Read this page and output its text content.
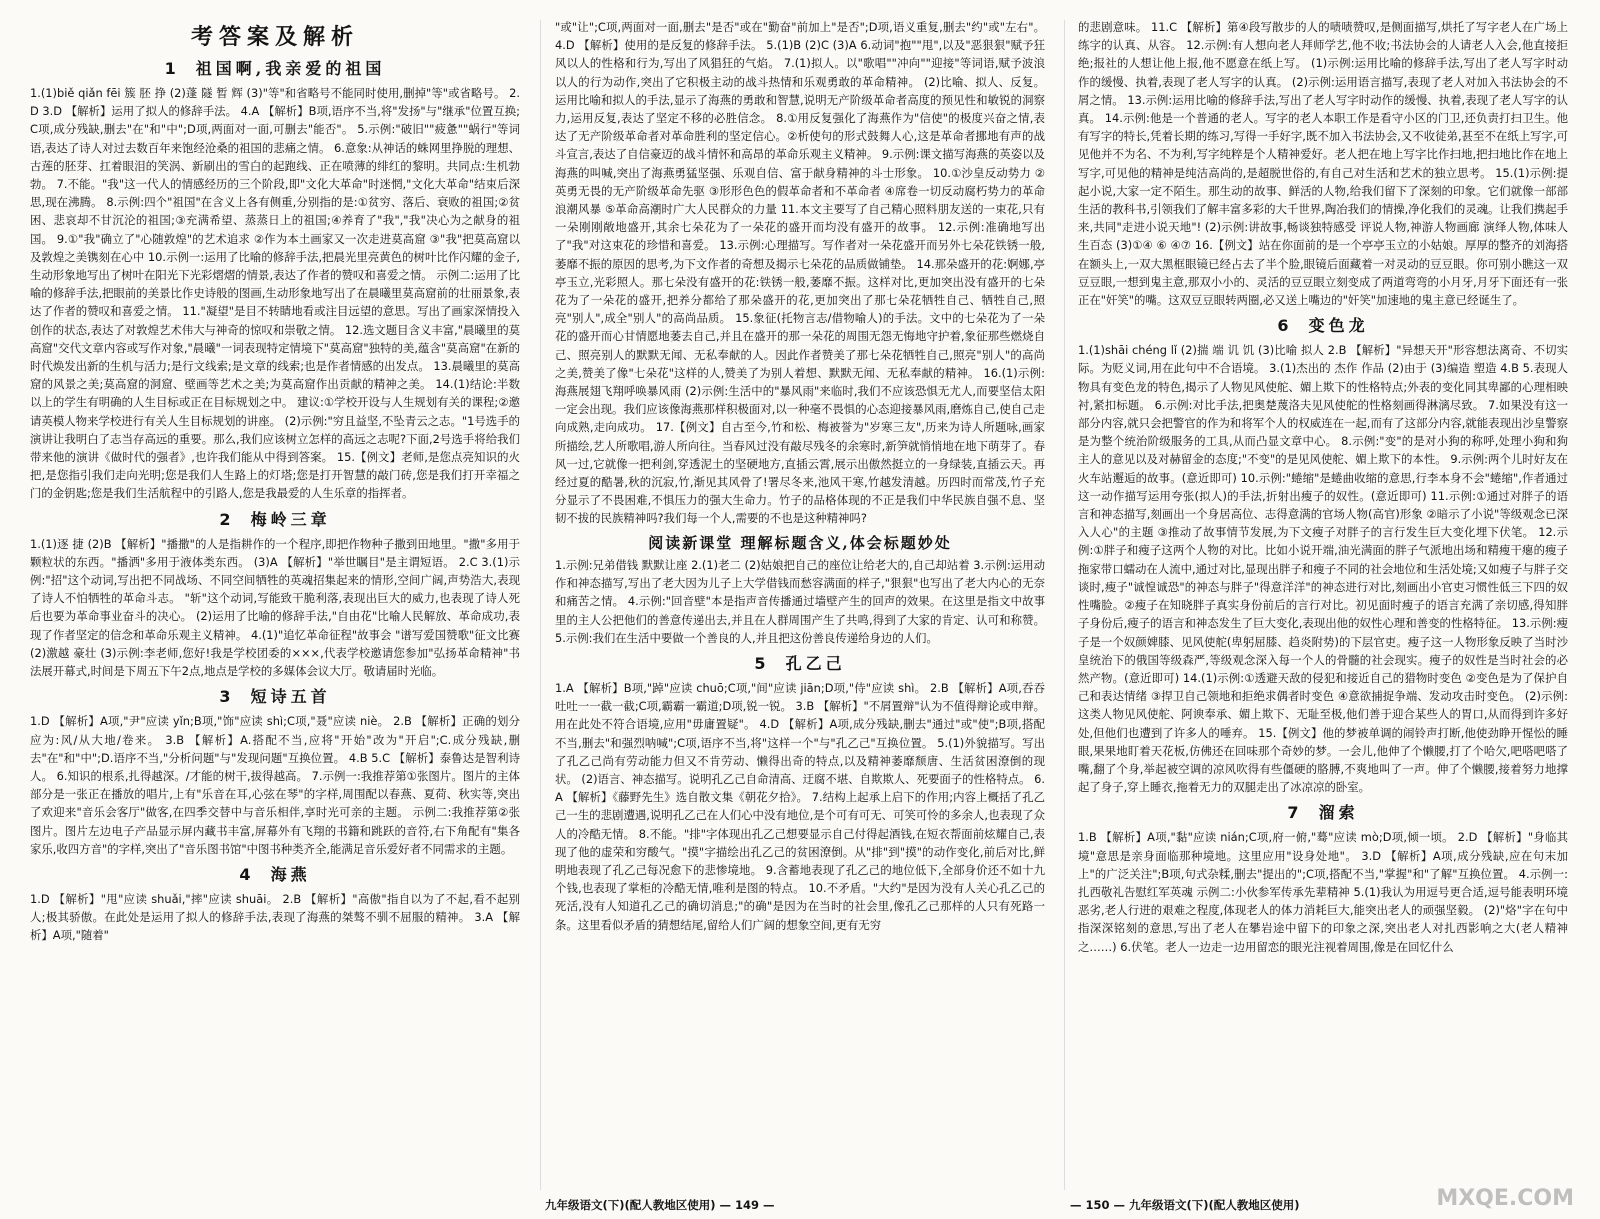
考答案及解析
1 祖国啊,我亲爱的祖国

1.(1)biě qiǎn fēi 簇 胚 挣 (2)蓬 隧 暂 辉 (3)"等"和省略号不能同时使用,删掉"等"或省略号。 2.D 3.D 【解析】运用了拟人的修辞手法。 4.A 【解析】B项,语序不当,将"发扬"与"继承"位置互换;C项,成分残缺,删去"在"和"中";D项,两面对一面,可删去"能否"。 5.示例:"破旧""疲惫""蜗行"等词语,表达了诗人对过去数百年来饱经沧桑的祖国的悲痛之情。 6.意象:从神话的蛛网里挣脱的理想、古莲的胚芽、扛着眼泪的笑涡、新刷出的雪白的起跑线、正在喷薄的绯红的黎明。共同点:生机勃勃。 7.不能。"我"这一代人的情感经历的三个阶段,即"文化大革命"时迷惘,"文化大革命"结束后深思,现在沸腾。 8.示例:四个"祖国"在含义上各有侧重,分别指的是:①贫穷、落后、衰败的祖国;②贫困、悲哀却不甘沉沦的祖国;③充满希望、蒸蒸日上的祖国;④养育了"我","我"决心为之献身的祖国。 9.①"我"确立了"心随敦煌"的艺术追求 ②作为本土画家又一次走进莫高窟 ③"我"把莫高窟以及敦煌之美镌刻在心中 10.示例一:运用了比喻的修辞手法,把晨光里亮黄色的树叶比作闪耀的金子,生动形象地写出了树叶在阳光下光彩熠熠的情景,表达了作者的赞叹和喜爱之情。 示例二:运用了比喻的修辞手法,把眼前的美景比作史诗般的图画,生动形象地写出了在晨曦里莫高窟前的壮丽景象,表达了作者的赞叹和喜爱之情。 11."凝望"是目不转睛地看或注目远望的意思。写出了画家深情投入创作的状态,表达了对敦煌艺术伟大与神奇的惊叹和崇敬之情。 12.选文题目含义丰富,"晨曦里的莫高窟"交代文章内容或写作对象,"晨曦"一词表现特定情境下"莫高窟"独特的美,蕴含"莫高窟"在新的时代焕发出新的生机与活力;是行文线索;是文章的线索;也是作者情感的出发点。 13.晨曦里的莫高窟的风景之美;莫高窟的洞窟、壁画等艺术之美;为莫高窟作出贡献的精神之美。 14.(1)结论:半数以上的学生有明确的人生目标或正在目标规划之中。 建议:①学校开设与人生规划有关的课程;②邀请英模人物来学校进行有关人生目标规划的讲座。 (2)示例:"穷且益坚,不坠青云之志。"1号选手的演讲让我明白了志当存高远的重要。那么,我们应该树立怎样的高远之志呢?下面,2号选手将给我们带来他的演讲《做时代的强者》,也许我们能从中得到答案。 15.【例文】老师,是您点亮知识的火把,是您指引我们走向光明;您是我们人生路上的灯塔;您是打开智慧的敲门砖,您是我们打开幸福之门的金钥匙;您是我们生活航程中的引路人,您是我最爱的人生乐章的指挥者。

2 梅岭三章

1.(1)逐 捷 (2)B 【解析】"播撒"的人是指耕作的一个程序,即把作物种子撒到田地里。"撒"多用于颗粒状的东西。"播洒"多用于液体类东西。 (3)A 【解析】"举世瞩目"是主谓短语。 2.C 3.(1)示例:"招"这个动词,写出把不同战场、不同空间牺牲的英魂招集起来的情形,空间广阔,声势浩大,表现了诗人不怕牺牲的革命斗志。 "斩"这个动词,写能致干脆利落,表现出巨大的威力,也表现了诗人死后也要为革命事业奋斗的决心。 (2)运用了比喻的修辞手法,"自由花"比喻人民解放、革命成功,表现了作者坚定的信念和革命乐观主义精神。 4.(1)"追忆革命征程"故事会 "谱写爱国赞歌"征文比赛 (2)激越 豪壮 (3)示例:李老师,您好!我是学校团委的×××,代表学校邀请您参加"弘扬革命精神"书法展开幕式,时间是下周五下午2点,地点是学校的多媒体会议大厅。敬请届时光临。

3 短诗五首

1.D 【解析】A项,"尹"应读 yǐn;B项,"饰"应读 shì;C项,"聂"应读 niè。 2.B 【解析】正确的划分应为:风/从大地/卷来。 3.B 【解析】A.搭配不当,应将"开始"改为"开启";C.成分残缺,删去"在"和"中";D.语序不当,"分析问题"与"发现问题"互换位置。 4.B 5.C 【解析】泰鲁达是智利诗人。 6.知识的根系,扎得越深。/才能的树干,拔得越高。 7.示例一:我推荐第①张图片。图片的主体部分是一张正在播放的唱片,上有"乐音在耳,心弦在琴"的字样,周围配以春燕、夏荷、秋实等,突出了欢迎来"音乐会客厅"做客,在四季交替中与音乐相伴,享时光可亲的主题。 示例二:我推荐第②张图片。图片左边电子产品显示屏内藏书丰富,屏幕外有飞翔的书籍和跳跃的音符,右下角配有"集各家乐,收四方音"的字样,突出了"音乐图书馆"中图书种类齐全,能满足音乐爱好者不同需求的主题。

4 海燕

1.D 【解析】"甩"应读 shuǎi,"摔"应读 shuāi。 2.B 【解析】"高傲"指自以为了不起,看不起别人;极其骄傲。在此处是运用了拟人的修辞手法,表现了海燕的桀骜不驯不屈服的精神。 3.A 【解析】A项,"随着"

"或"让";C项,两面对一面,删去"是否"或在"勤奋"前加上"是否";D项,语义重复,删去"约"或"左右"。 4.D 【解析】使用的是反复的修辞手法。 5.(1)B (2)C (3)A 6.动词"抱""甩",以及"恶狠狠"赋予狂风以人的性格和行为,写出了风猖狂的气焰。 7.(1)拟人。以"歌唱""冲向""迎接"等词语,赋予波浪以人的行为动作,突出了它积极主动的战斗热情和乐观勇敢的革命精神。 (2)比喻、拟人、反复。运用比喻和拟人的手法,显示了海燕的勇敢和智慧,说明无产阶级革命者高度的预见性和敏锐的洞察力,运用反复,表达了坚定不移的必胜信念。 8.①用反复强化了海燕作为"信使"的极度兴奋之情,表达了无产阶级革命者对革命胜利的坚定信心。②析使句的形式鼓舞人心,这是革命者挪地有声的战斗宣言,表达了自信豪迈的战斗情怀和高昂的革命乐观主义精神。 9.示例:课文描写海燕的英姿以及海燕的叫喊,突出了海燕勇猛坚强、乐观自信、富于献身精神的斗士形象。 10.①沙皇反动势力 ②英勇无畏的无产阶级革命先驱 ③形形色色的假革命者和不革命者 ④席卷一切反动腐朽势力的革命浪潮风暴 ⑤革命高潮时广大人民群众的力量 11.本文主要写了自己精心照料朋友送的一束花,只有一朵刚刚敞地盛开,其余七朵花为了一朵花的盛开而均没有盛开的故事。 12.示例:准确地写出了"我"对这束花的珍惜和喜爱。 13.示例:心理描写。写作者对一朵花盛开而另外七朵花铁锈一般,萎靡不振的原因的思考,为下文作者的奇想及揭示七朵花的品质做铺垫。 14.那朵盛开的花:婀娜,亭亭玉立,光彩照人。那七朵没有盛开的花:铁锈一般,萎靡不振。这样对比,更加突出没有盛开的七朵花为了一朵花的盛开,把养分都给了那朵盛开的花,更加突出了那七朵花牺牲自己、牺牲自己,照亮"别人",成全"别人"的高尚品质。 15.象征(托物言志/借物喻人)的手法。文中的七朵花为了一朵花的盛开而心甘情愿地萎去自己,并且在盛开的那一朵花的周围无怨无悔地守护着,象征那些燃烧自己、照亮别人的默默无闻、无私奉献的人。因此作者赞美了那七朵花牺牲自己,照亮"别人"的高尚之美,赞美了像"七朵花"这样的人,赞美了为别人着想、默默无闻、无私奉献的精神。 16.(1)示例:海燕展翅飞翔呼唤暴风雨 (2)示例:生活中的"暴风雨"来临时,我们不应该恐惧无尤人,而要坚信太阳一定会出现。我们应该像海燕那样积极面对,以一种毫不畏惧的心态迎接暴风雨,磨炼自己,使自己走向成熟,走向成功。 17.【例文】自古至今,竹和松、梅被誉为"岁寒三友",历来为诗人所题咏,画家所描绘,艺人所歌唱,游人所向往。当春风过没有敲尽残冬的余寒时,新笋就悄悄地在地下萌芽了。春风一过,它就像一把利剑,穿透泥土的坚硬地方,直插云霄,展示出傲然挺立的一身绿装,直插云天。再经过夏的酷暑,秋的沉寂,竹,渐见其风骨了!署尽冬来,池风干寒,竹越发清越。历四时而常茂,竹子充分显示了不畏困难,不惧压力的强大生命力。竹子的品格体现的不正是我们中华民族自强不息、坚韧不拔的民族精神吗?我们每一个人,需要的不也是这种精神吗?

阅读新课堂 理解标题含义,体会标题妙处

1.示例:兄弟借钱 默默让座 2.(1)老二 (2)姑娘把自己的座位让给老大的,自己却站着 3.示例:运用动作和神态描写,写出了老大因为儿子上大学借钱而愁容满面的样子,"狠狠"也写出了老大内心的无奈和痛苦之情。 4.示例:"回音壁"本是指声音传播通过墙壁产生的回声的效果。在这里是指文中故事里的主人公把他们的善意传递出去,并且在人群周围产生了共鸣,得到了大家的肯定、认可和称赞。 5.示例:我们在生活中要做一个善良的人,并且把这份善良传递给身边的人们。

5 孔乙己

1.A 【解析】B项,"踔"应读 chuō;C项,"间"应读 jiān;D项,"侍"应读 shì。 2.B 【解析】A项,吞吞吐吐一一截一截;C项,霸霸一霸道;D项,锐一锐。 3.B 【解析】"不屑置辩"认为不值得辩论或申辩。用在此处不符合语境,应用"毋庸置疑"。 4.D 【解析】A项,成分残缺,删去"通过"或"使";B项,搭配不当,删去"和强烈呐喊";C项,语序不当,将"这样一个"与"孔乙己"互换位置。 5.(1)外貌描写。写出了孔乙己尚有劳动能力但又不肯劳动、懒得出奇的特点,以及精神萎靡颓唐、生活贫困潦倒的现状。 (2)语言、神态描写。说明孔乙己自命清高、迂腐不堪、自欺欺人、死要面子的性格特点。 6.A 【解析】《藤野先生》选自散文集《朝花夕拾》。 7.结构上起承上启下的作用;内容上概括了孔乙己一生的悲剧遭遇,说明孔乙己在人们心中没有地位,是个可有可无、可笑可怜的多余人,也表现了众人的冷酷无情。 8.不能。"排"字体现出孔乙己想要显示自己付得起酒钱,在短衣帮面前炫耀自己,表现了他的虚荣和穷酸气。"摸"字描绘出孔乙己的贫困潦倒。从"排"到"摸"的动作变化,前后对比,鲜明地表现了孔乙己每况愈下的悲惨境地。 9.含蓄地表现了孔乙己的地位低下,全部身价还不如十九个钱,也表现了掌柜的冷酷无情,唯利是图的特点。 10.不矛盾。"大约"是因为没有人关心孔乙己的死活,没有人知道孔乙己的确切消息;"的确"是因为在当时的社会里,像孔乙己那样的人只有死路一条。这里看似矛盾的猜想结尾,留给人们广阔的想象空间,更有无穷

的悲剧意味。 11.C 【解析】第④段写散步的人的啧啧赞叹,是侧面描写,烘托了写字老人在广场上练字的认真、从容。 12.示例:有人想向老人拜师学艺,他不收;书法协会的人请老人入会,他直接拒绝;报社的人想让他上报,他不愿意在纸上写。 (1)示例:运用比喻的修辞手法,写出了老人写字时动作的缓慢、执着,表现了老人写字的认真。 (2)示例:运用语言描写,表现了老人对加入书法协会的不屑之情。 13.示例:运用比喻的修辞手法,写出了老人写字时动作的缓慢、执着,表现了老人写字的认真。 14.示例:他是一个普通的老人。写字的老人本职工作是看守小区的门卫,还负责打扫卫生。他有写字的特长,凭着长期的练习,写得一手好字,既不加入书法协会,又不收徒弟,甚至不在纸上写字,可见他并不为名、不为利,写字纯粹是个人精神爱好。老人把在地上写字比作扫地,把扫地比作在地上写字,可见他的精神是纯洁高尚的,是超脱世俗的,有自己对生活和艺术的独立思考。 15.(1)示例:提起小说,大家一定不陌生。那生动的故事、鲜活的人物,给我们留下了深刻的印象。它们就像一部部生活的教科书,引领我们了解丰富多彩的大千世界,陶冶我们的情操,净化我们的灵魂。让我们携起手来,共同"走进小说天地"! (2)示例:讲故事,畅谈独特感受 评说人物,神游人物画廊 演绎人物,体味人生百态 (3)①④ ⑥ ④⑦ 16.【例文】站在你面前的是一个亭亭玉立的小姑娘。厚厚的整齐的刘海搭在额头上,一双大黑框眼镜已经占去了半个脸,眼镜后面藏着一对灵动的豆豆眼。你可别小瞧这一双豆豆眼,一想到鬼主意,那双小小的、灵活的豆豆眼立刻变成了两道弯弯的小月牙,月牙下面还有一张正在"奸笑"的嘴。这双豆豆眼转两圈,必又送上嘴边的"奸笑"加速地的鬼主意已经诞生了。

6 变色龙

1.(1)shāi chéng lǐ (2)揣 端 讥 饥 (3)比喻 拟人 2.B 【解析】"异想天开"形容想法离奇、不切实际。为贬义词,用在此句中不合语境。 3.(1)杰出的 杰作 作品 (2)由于 (3)编造 塑造 4.B 5.表现人物具有变色龙的特色,揭示了人物见风使舵、媚上欺下的性格特点;外表的变化同其卑鄙的心理相映衬,紧扣标题。 6.示例:对比手法,把奥楚蔑洛夫见风使舵的性格刻画得淋漓尽致。 7.如果没有这一部分内容,就只会把警官的作为和将军个人的权威连在一起,而有了这部分内容,就能表现出沙皇警察是为整个统治阶级服务的工具,从而凸显文章中心。 8.示例:"变"的是对小狗的称呼,处理小狗和狗主人的意见以及对赫留金的态度;"不变"的是见风使舵、媚上欺下的本性。 9.示例:两个儿时好友在火车站邂逅的故事。(意近即可) 10.示例:"蜷缩"是蜷曲收缩的意思,行李本身不会"蜷缩",作者通过这一动作描写运用夸张(拟人)的手法,折射出瘦子的奴性。(意近即可) 11.示例:①通过对胖子的语言和神态描写,刻画出一个身居高位、志得意满的官场人物(高官)形象 ②暗示了小说"等级观念已深入人心"的主题 ③推动了故事情节发展,为下文瘦子对胖子的言行发生巨大变化埋下伏笔。 12.示例:①胖子和瘦子这两个人物的对比。比如小说开端,油光满面的胖子气派地出场和精瘦干瘪的瘦子拖家带口蠕动在人流中,通过对比,显现出胖子和瘦子不同的社会地位和生活处境;又如瘦子与胖子交谈时,瘦子"诚惶诚恐"的神态与胖子"得意洋洋"的神态进行对比,刻画出小官吏习惯性低三下四的奴性嘴脸。②瘦子在知晓胖子真实身份前后的言行对比。初见面时瘦子的语言充满了亲切感,得知胖子身份后,瘦子的语言和神态发生了巨大变化,表现出他的奴性心理和善变的性格特征。 13.示例:瘦子是一个奴颜婢膝、见风使舵(卑躬屈膝、趋炎附势)的下层官吏。瘦子这一人物形象反映了当时沙皇统治下的俄国等级森严,等级观念深入每一个人的骨髓的社会现实。瘦子的奴性是当时社会的必然产物。(意近即可) 14.(1)示例:①透避天敌的侵犯和接近自己的猎物时变色 ②变色是为了保护自己和表达情绪 ③捍卫自己领地和拒绝求偶者时变色 ④意欲捕捉争端、发动攻击时变色。 (2)示例:这类人物见风使舵、阿谀奉承、媚上欺下、无耻至极,他们善于迎合某些人的胃口,从而得到许多好处,但他们也遭到了许多人的唾弃。 15.【例文】他的梦被单调的闹铃声打断,他使劲睁开惺忪的睡眼,果果地盯着天花板,仿佛还在回味那个奇妙的梦。一会儿,他伸了个懒腰,打了个哈欠,吧嗒吧嗒了嘴,翻了个身,举起被空调的凉风吹得有些僵硬的胳膊,不爽地叫了一声。伸了个懒腰,接着努力地撑起了身子,穿上睡衣,拖着无力的双腿走出了冰凉凉的卧室。

7 溜索

1.B 【解析】A项,"黏"应读 nián;C项,府一俯,"蓦"应读 mò;D项,倾一顷。 2.D 【解析】"身临其境"意思是亲身面临那种境地。这里应用"设身处地"。 3.D 【解析】A项,成分残缺,应在句末加上"的广泛关注";B项,句式杂糅,删去"提出的";C项,搭配不当,"掌握"和"了解"互换位置。 4.示例一:扎西敬礼告慰红军英魂 示例二:小伙参军传承先辈精神 5.(1)我认为用逗号更合适,逗号能表明环境恶劣,老人行进的艰难之程度,体现老人的体力消耗巨大,能突出老人的顽强坚毅。 (2)"烙"字在句中指深深铭刻的意思,写出了老人在攀岩途中留下的印象之深,突出老人对扎西影响之大(老人精神之……) 6.伏笔。老人一边走一边用留恋的眼光注视着周围,像是在回忆什么

九年级语文(下)(配人教地区使用) — 149 —	— 150 — 九年级语文(下)(配人教地区使用)	MXQE.COM
